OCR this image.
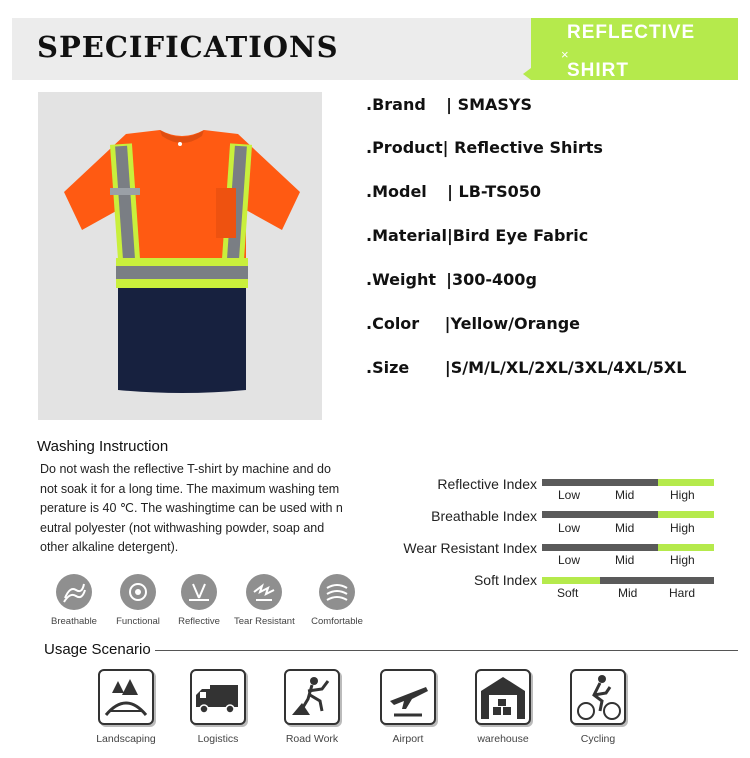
SPECIFICATIONS	REFLECTIVE
×
SHIRT
.Brand | SMASYS
.Product| Reflective Shirts
.Model | LB-TS050
.Material|Bird Eye Fabric
.Weight |300-400g
.Color |Yellow/Orange
.Size |S/M/L/XL/2XL/3XL/4XL/5XL
Washing Instruction
Do not wash the reflective T-shirt by machine and do
not soak it for a long time. The maximum washing tem
perature is 40 ℃. The washingtime can be used with n
eutral polyester (not withwashing powder, soap and
other alkaline detergent).
Breathable	Functional	Reflective	Tear Resistant	Comfortable
Reflective Index
Low	Mid	High
Breathable Index
Low	Mid	High
Wear Resistant Index
Low	Mid	High
Soft Index
Soft	Mid	Hard
Usage Scenario
Landscaping	Logistics	Road Work	Airport	warehouse	Cycling
